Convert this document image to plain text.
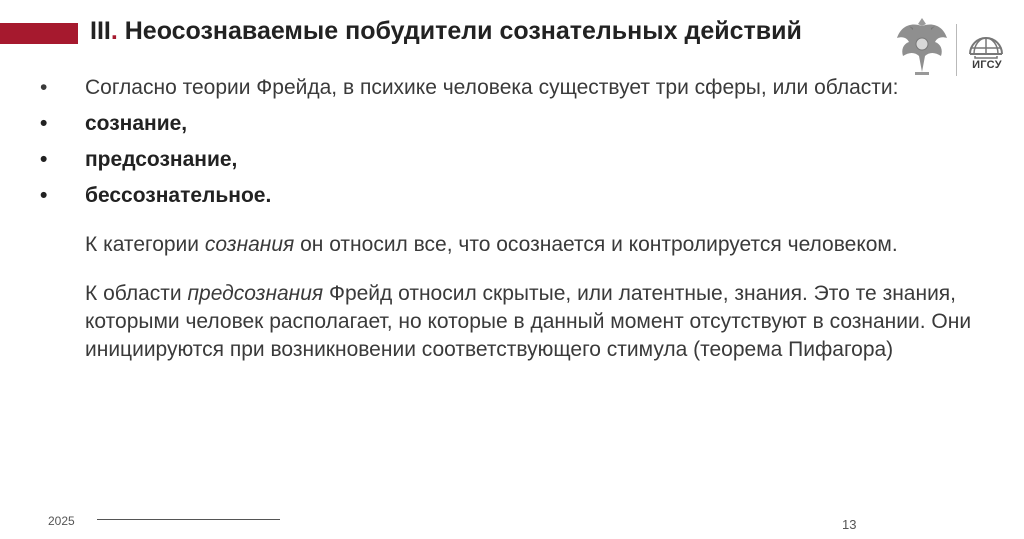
III. Неосознаваемые побудители сознательных действий
ИГСУ
• Согласно теории Фрейда, в психике человека существует три сферы, или области:
• сознание,
• предсознание,
• бессознательное.

К категории сознания он относил все, что осознается и контролируется человеком.

К области предсознания Фрейд относил скрытые, или латентные, знания. Это те знания, которыми человек располагает, но которые в данный момент отсутствуют в сознании. Они инициируются при возникновении соответствующего стимула (теорема Пифагора)

2025	13
